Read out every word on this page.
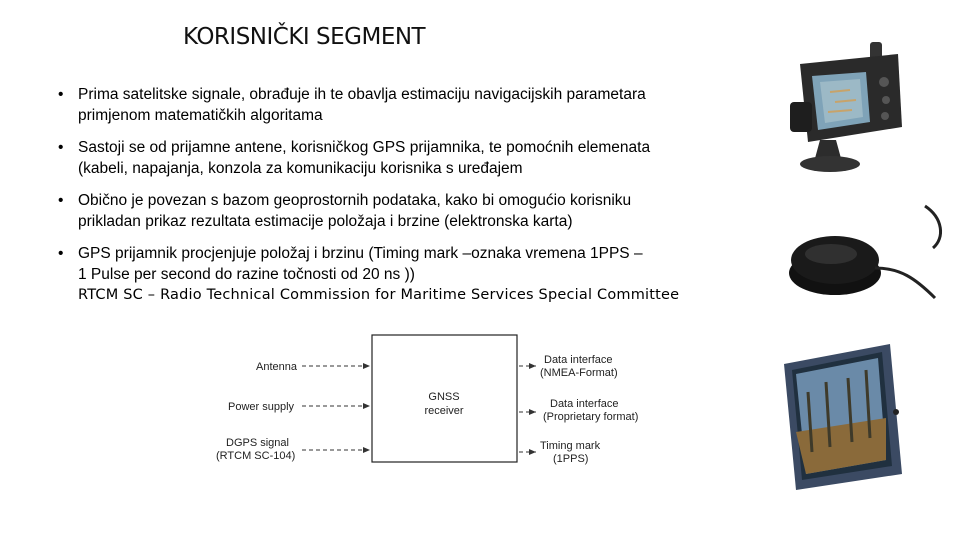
KORISNIČKI SEGMENT
• Prima satelitske signale, obrađuje ih te obavlja estimaciju navigacijskih parametara
primjenom matematičkih algoritama
• Sastoji se od prijamne antene, korisničkog GPS prijamnika, te pomoćnih elemenata
(kabeli, napajanja, konzola za komunikaciju korisnika s uređajem
• Obično je povezan s bazom geoprostornih podataka, kako bi omogućio korisniku
prikladan prikaz rezultata estimacije položaja i brzine (elektronska karta)
• GPS prijamnik procjenjuje položaj i brzinu (Timing mark –oznaka vremena 1PPS –
1 Pulse per second do razine točnosti od 20 ns ))
RTCM SC – Radio Technical Commission for Maritime Services Special Committee
GNSS
receiver
Antenna
Power supply
DGPS signal
(RTCM SC-104)
Data interface
(NMEA-Format)
Data interface
(Proprietary format)
Timing mark
(1PPS)
